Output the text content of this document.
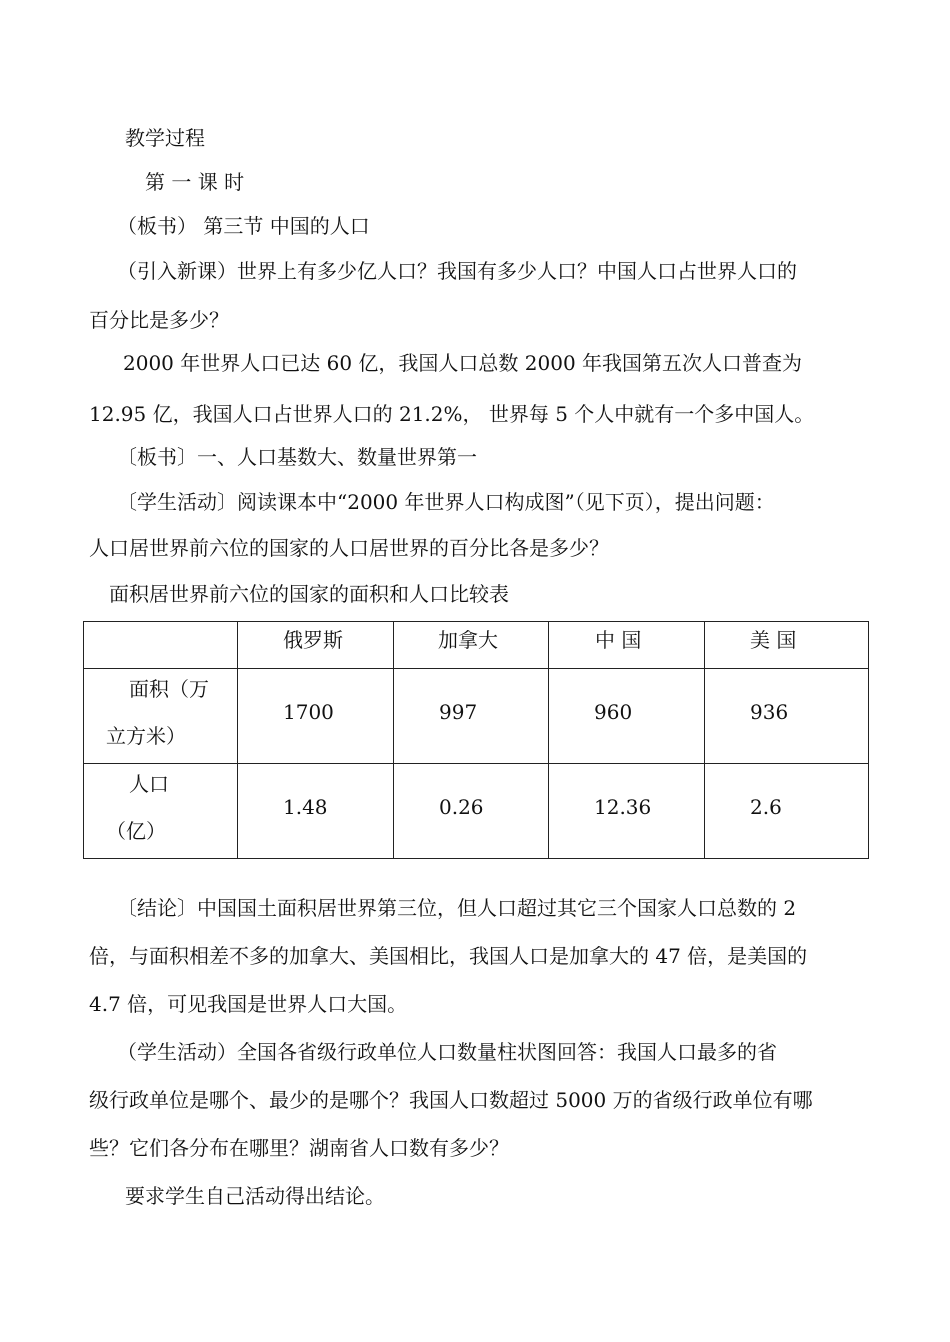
教学过程
第 一 课 时
（板书） 第三节 中国的人口
（引入新课）世界上有多少亿人口？我国有多少人口？中国人口占世界人口的
百分比是多少？
2000 年世界人口已达 60 亿，我国人口总数 2000 年我国第五次人口普查为
12.95 亿，我国人口占世界人口的 21.2%， 世界每 5 个人中就有一个多中国人。
〔板书〕一、人口基数大、数量世界第一
〔学生活动〕阅读课本中“2000 年世界人口构成图”（见下页），提出问题：
人口居世界前六位的国家的人口居世界的百分比各是多少？
面积居世界前六位的国家的面积和人口比较表

	俄罗斯	加拿大	中 国	美 国

面积（万
立方米）	1700	997	960	936

人口
（亿）	1.48	0.26	12.36	2.6
〔结论〕中国国土面积居世界第三位，但人口超过其它三个国家人口总数的 2
倍，与面积相差不多的加拿大、美国相比，我国人口是加拿大的 47 倍，是美国的
4.7 倍，可见我国是世界人口大国。
（学生活动）全国各省级行政单位人口数量柱状图回答：我国人口最多的省
级行政单位是哪个、最少的是哪个？我国人口数超过 5000 万的省级行政单位有哪
些？它们各分布在哪里？湖南省人口数有多少？
要求学生自己活动得出结论。
